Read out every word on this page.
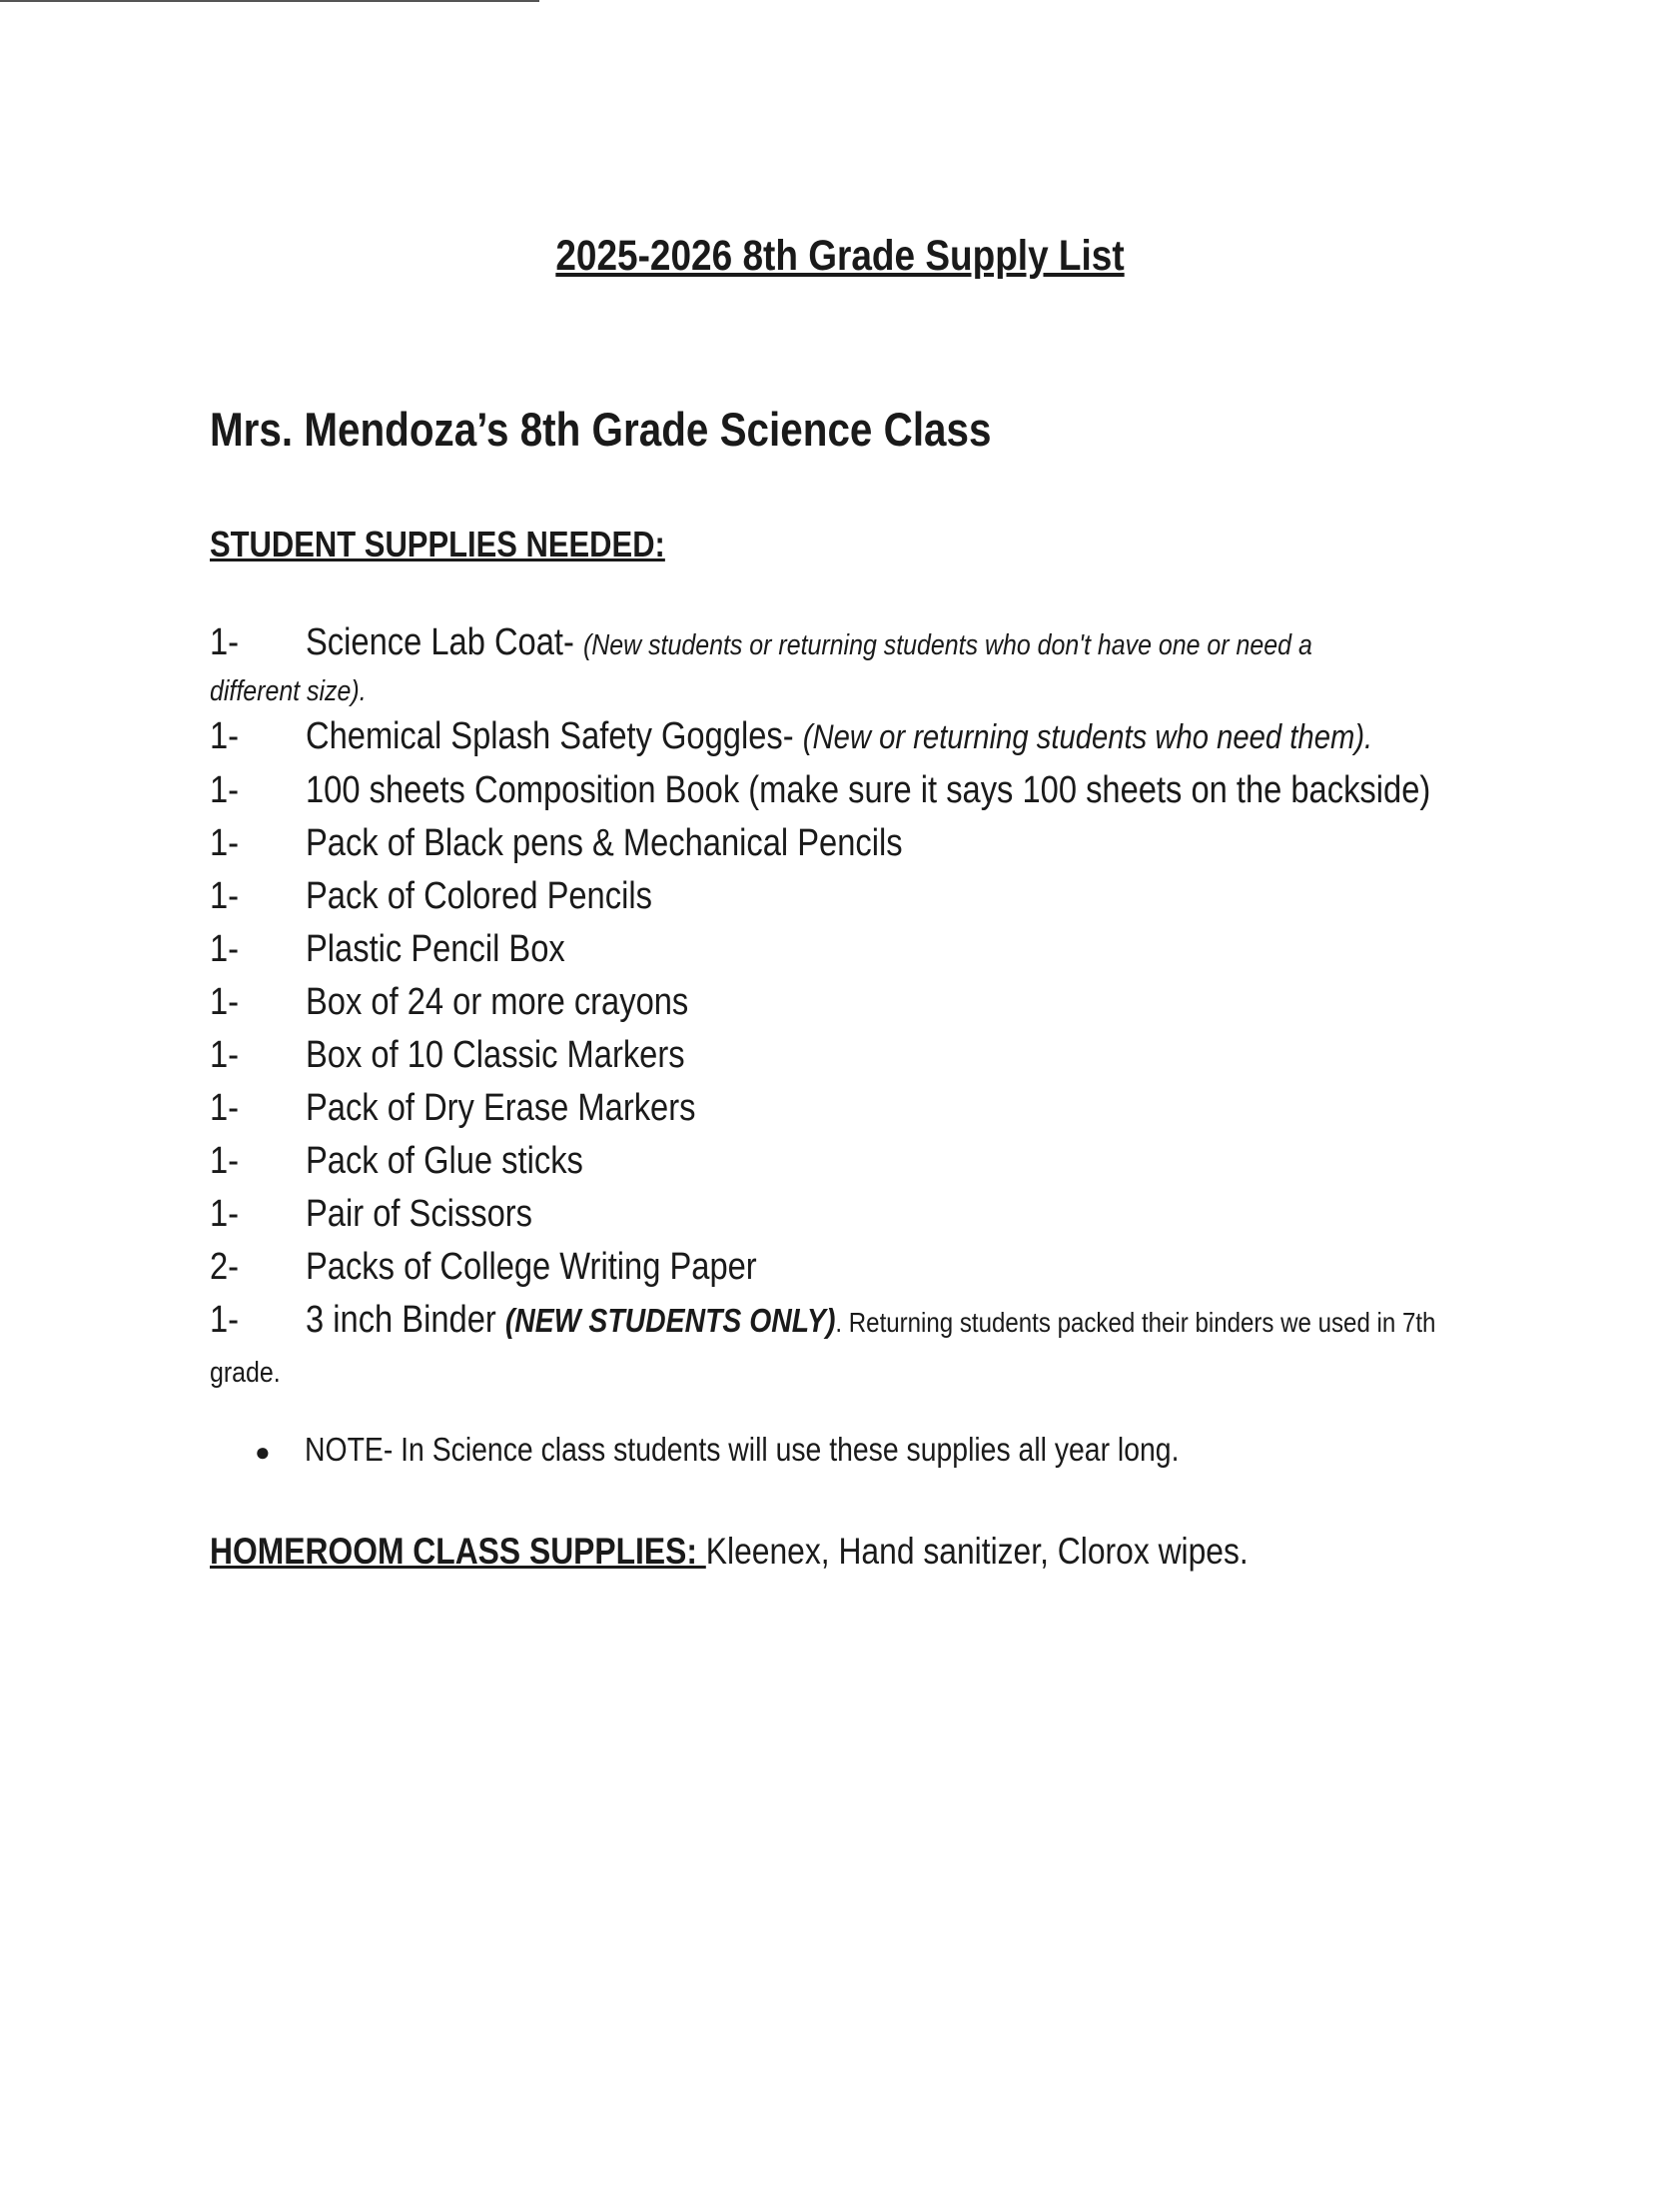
2025-2026 8th Grade Supply List
Mrs. Mendoza’s 8th Grade Science Class
STUDENT SUPPLIES NEEDED:
1- Science Lab Coat- (New students or returning students who don't have one or need a
different size).
1- Chemical Splash Safety Goggles- (New or returning students who need them).
1- 100 sheets Composition Book (make sure it says 100 sheets on the backside)
1- Pack of Black pens & Mechanical Pencils
1- Pack of Colored Pencils
1- Plastic Pencil Box
1- Box of 24 or more crayons
1- Box of 10 Classic Markers
1- Pack of Dry Erase Markers
1- Pack of Glue sticks
1- Pair of Scissors
2- Packs of College Writing Paper
1- 3 inch Binder (NEW STUDENTS ONLY). Returning students packed their binders we used in 7th
grade.
● NOTE- In Science class students will use these supplies all year long.
HOMEROOM CLASS SUPPLIES: Kleenex, Hand sanitizer, Clorox wipes.
